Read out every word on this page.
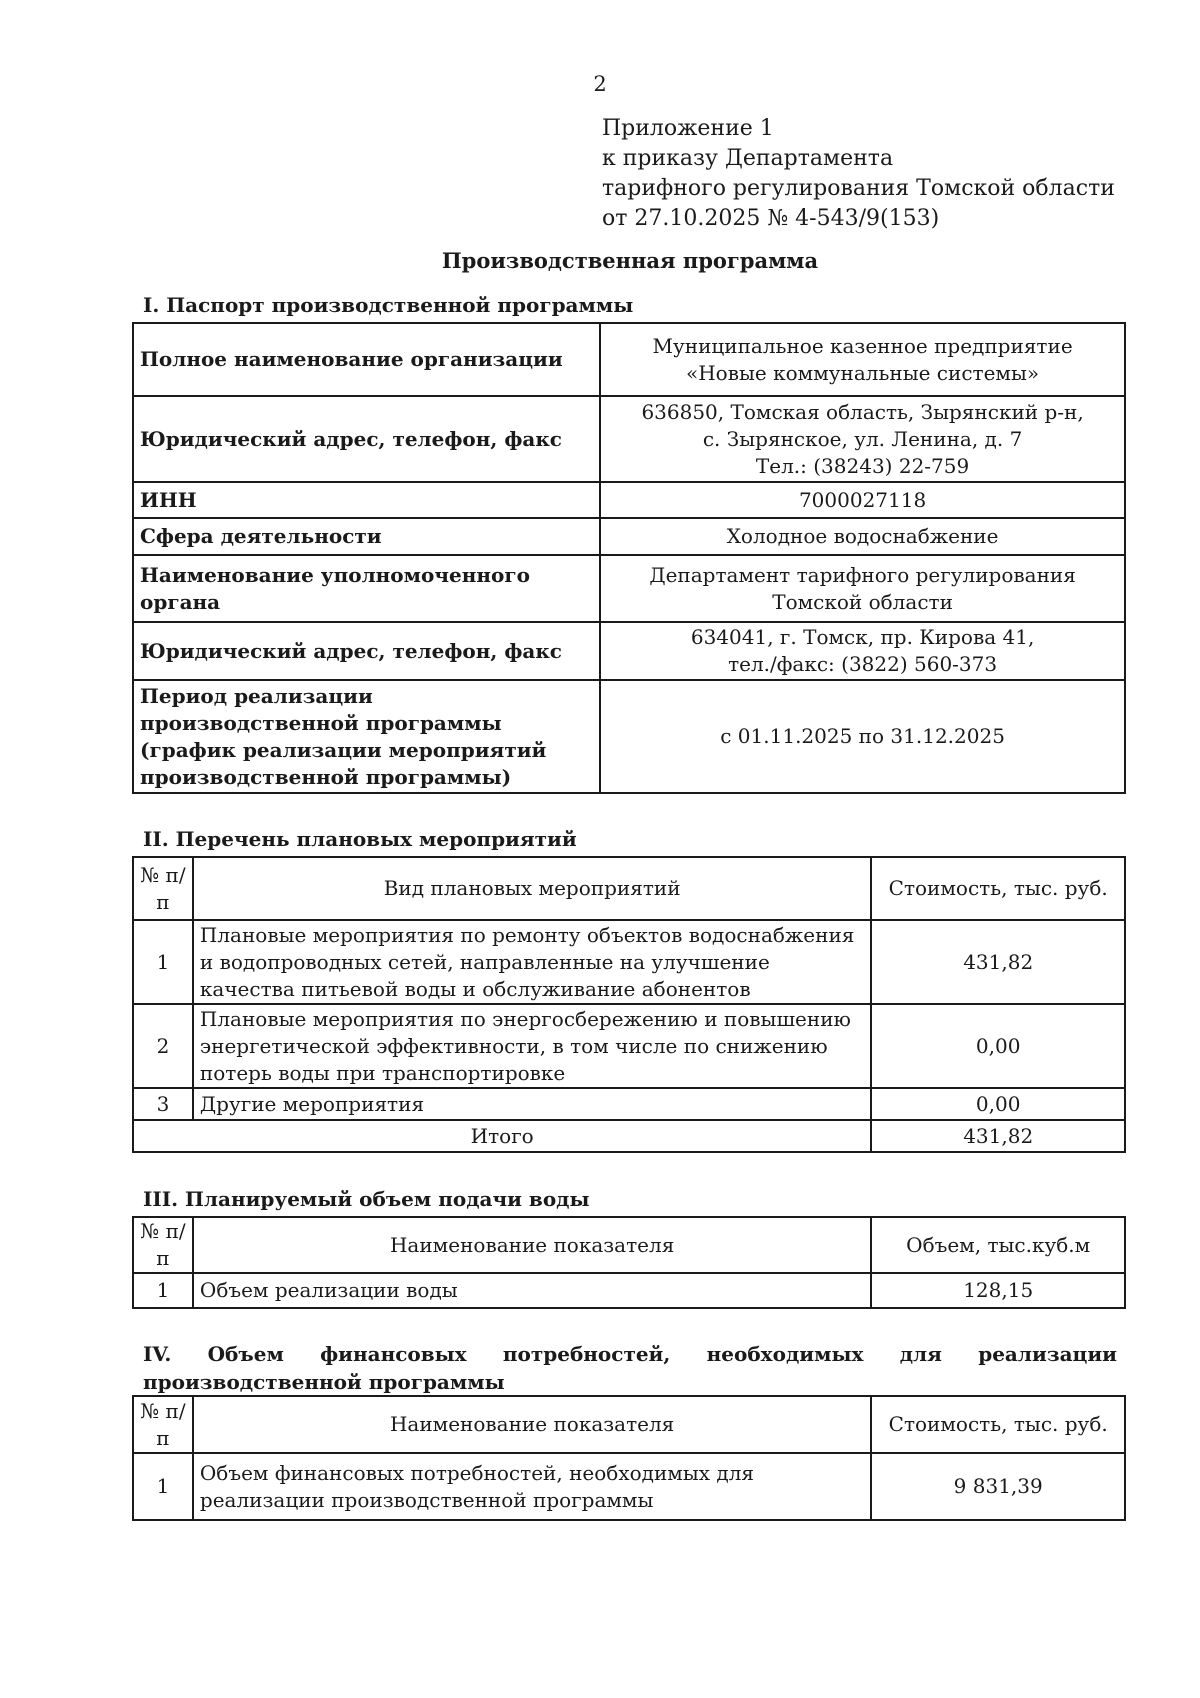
2
Приложение 1
к приказу Департамента
тарифного регулирования Томской области
от 27.10.2025 № 4-543/9(153)
Производственная программа
I. Паспорт производственной программы
Полное наименование организации	Муниципальное казенное предприятие
«Новые коммунальные системы»

Юридический адрес, телефон, факс	636850, Томская область, Зырянский р-н,
с. Зырянское, ул. Ленина, д. 7
Тел.: (38243) 22-759

ИНН	7000027118
Сфера деятельности	Холодное водоснабжение
Наименование уполномоченного органа	Департамент тарифного регулирования
Томской области

Юридический адрес, телефон, факс	634041, г. Томск, пр. Кирова 41,
тел./факс: (3822) 560-373

Период реализации производственной программы (график реализации мероприятий производственной программы)	с 01.11.2025 по 31.12.2025
II. Перечень плановых мероприятий
№ п/п	Вид плановых мероприятий	Стоимость, тыс. руб.
1	Плановые мероприятия по ремонту объектов водоснабжения и водопроводных сетей, направленные на улучшение качества питьевой воды и обслуживание абонентов	431,82
2	Плановые мероприятия по энергосбережению и повышению энергетической эффективности, в том числе по снижению потерь воды при транспортировке	0,00
3	Другие мероприятия	0,00
Итого		431,82
III. Планируемый объем подачи воды
№ п/п	Наименование показателя	Объем, тыс.куб.м
1	Объем реализации воды	128,15
IV. Объем финансовых потребностей, необходимых для реализации производственной программы
№ п/п	Наименование показателя	Стоимость, тыс. руб.
1	Объем финансовых потребностей, необходимых для реализации производственной программы	9 831,39
